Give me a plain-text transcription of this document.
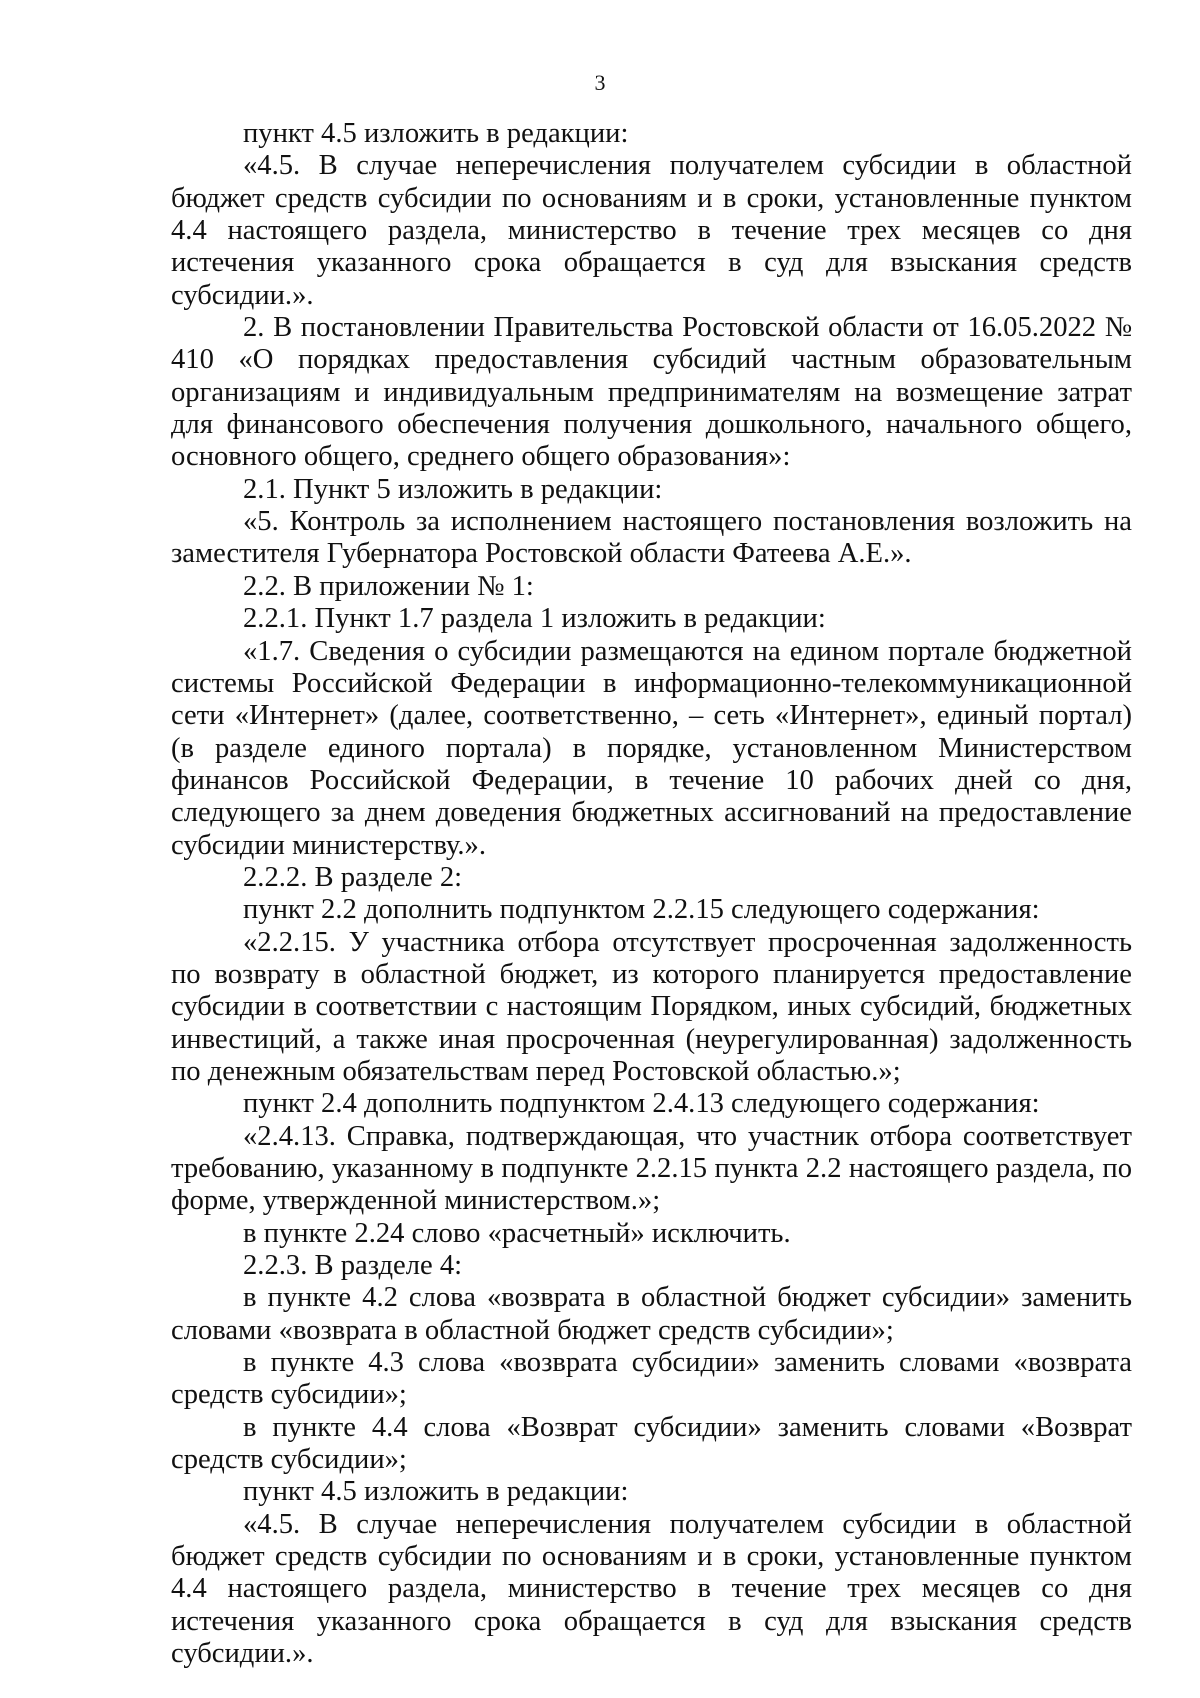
3

пункт 4.5 изложить в редакции:

«4.5. В случае неперечисления получателем субсидии в областной бюджет средств субсидии по основаниям и в сроки, установленные пунктом 4.4 настоящего раздела, министерство в течение трех месяцев со дня истечения указанного срока обращается в суд для взыскания средств субсидии.».

2. В постановлении Правительства Ростовской области от 16.05.2022 № 410 «О порядках предоставления субсидий частным образовательным организациям и индивидуальным предпринимателям на возмещение затрат для финансового обеспечения получения дошкольного, начального общего, основного общего, среднего общего образования»:

2.1. Пункт 5 изложить в редакции:

«5. Контроль за исполнением настоящего постановления возложить на заместителя Губернатора Ростовской области Фатеева А.Е.».

2.2. В приложении № 1:

2.2.1. Пункт 1.7 раздела 1 изложить в редакции:

«1.7. Сведения о субсидии размещаются на едином портале бюджетной системы Российской Федерации в информационно-телекоммуникационной сети «Интернет» (далее, соответственно, – сеть «Интернет», единый портал) (в разделе единого портала) в порядке, установленном Министерством финансов Российской Федерации, в течение 10 рабочих дней со дня, следующего за днем доведения бюджетных ассигнований на предоставление субсидии министерству.».

2.2.2. В разделе 2:

пункт 2.2 дополнить подпунктом 2.2.15 следующего содержания:

«2.2.15. У участника отбора отсутствует просроченная задолженность по возврату в областной бюджет, из которого планируется предоставление субсидии в соответствии с настоящим Порядком, иных субсидий, бюджетных инвестиций, а также иная просроченная (неурегулированная) задолженность по денежным обязательствам перед Ростовской областью.»;

пункт 2.4 дополнить подпунктом 2.4.13 следующего содержания:

«2.4.13. Справка, подтверждающая, что участник отбора соответствует требованию, указанному в подпункте 2.2.15 пункта 2.2 настоящего раздела, по форме, утвержденной министерством.»;

в пункте 2.24 слово «расчетный» исключить.

2.2.3. В разделе 4:

в пункте 4.2 слова «возврата в областной бюджет субсидии» заменить словами «возврата в областной бюджет средств субсидии»;

в пункте 4.3 слова «возврата субсидии» заменить словами «возврата средств субсидии»;

в пункте 4.4 слова «Возврат субсидии» заменить словами «Возврат средств субсидии»;

пункт 4.5 изложить в редакции:

«4.5. В случае неперечисления получателем субсидии в областной бюджет средств субсидии по основаниям и в сроки, установленные пунктом 4.4 настоящего раздела, министерство в течение трех месяцев со дня истечения указанного срока обращается в суд для взыскания средств субсидии.».
